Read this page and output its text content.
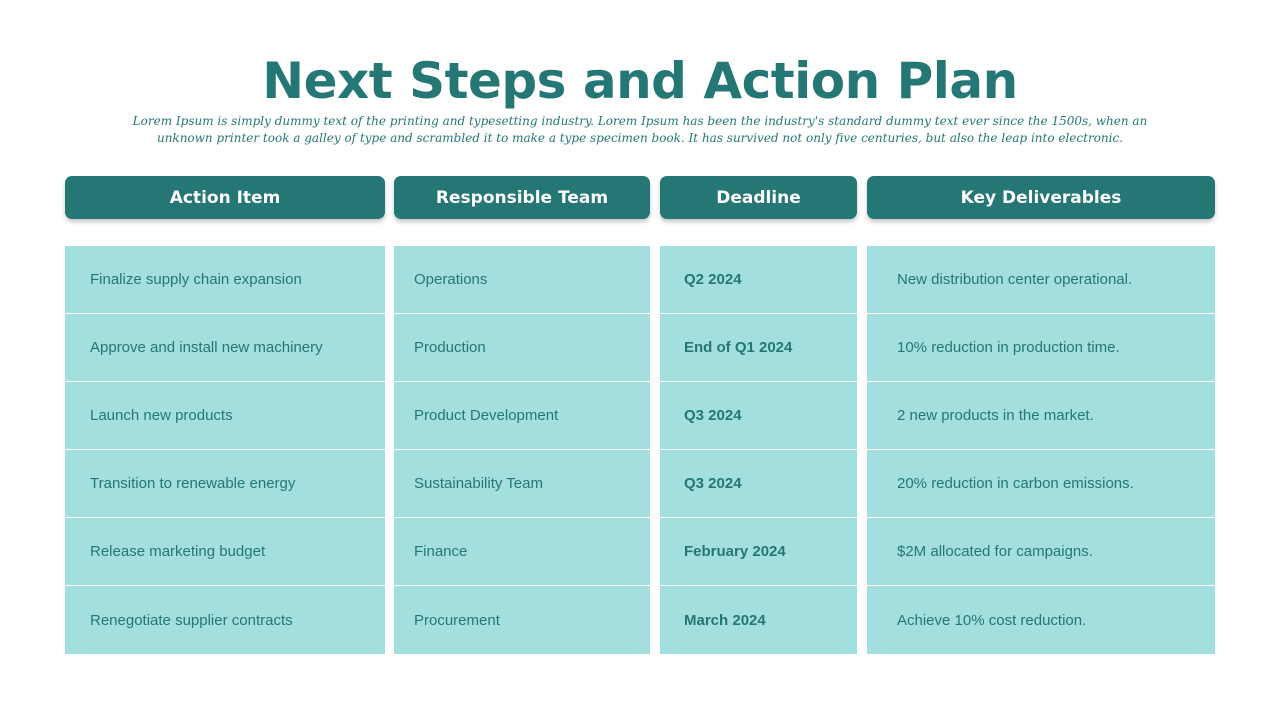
Next Steps and Action Plan
Lorem Ipsum is simply dummy text of the printing and typesetting industry. Lorem Ipsum has been the industry's standard dummy text ever since the 1500s, when an unknown printer took a galley of type and scrambled it to make a type specimen book. It has survived not only five centuries, but also the leap into electronic.
Action Item
Finalize supply chain expansion
Approve and install new machinery
Launch new products
Transition to renewable energy
Release marketing budget
Renegotiate supplier contracts
Responsible Team
Operations
Production
Product Development
Sustainability Team
Finance
Procurement
Deadline
Q2 2024
End of Q1 2024
Q3 2024
Q3 2024
February 2024
March 2024
Key Deliverables
New distribution center operational.
10% reduction in production time.
2 new products in the market.
20% reduction in carbon emissions.
$2M allocated for campaigns.
Achieve 10% cost reduction.
